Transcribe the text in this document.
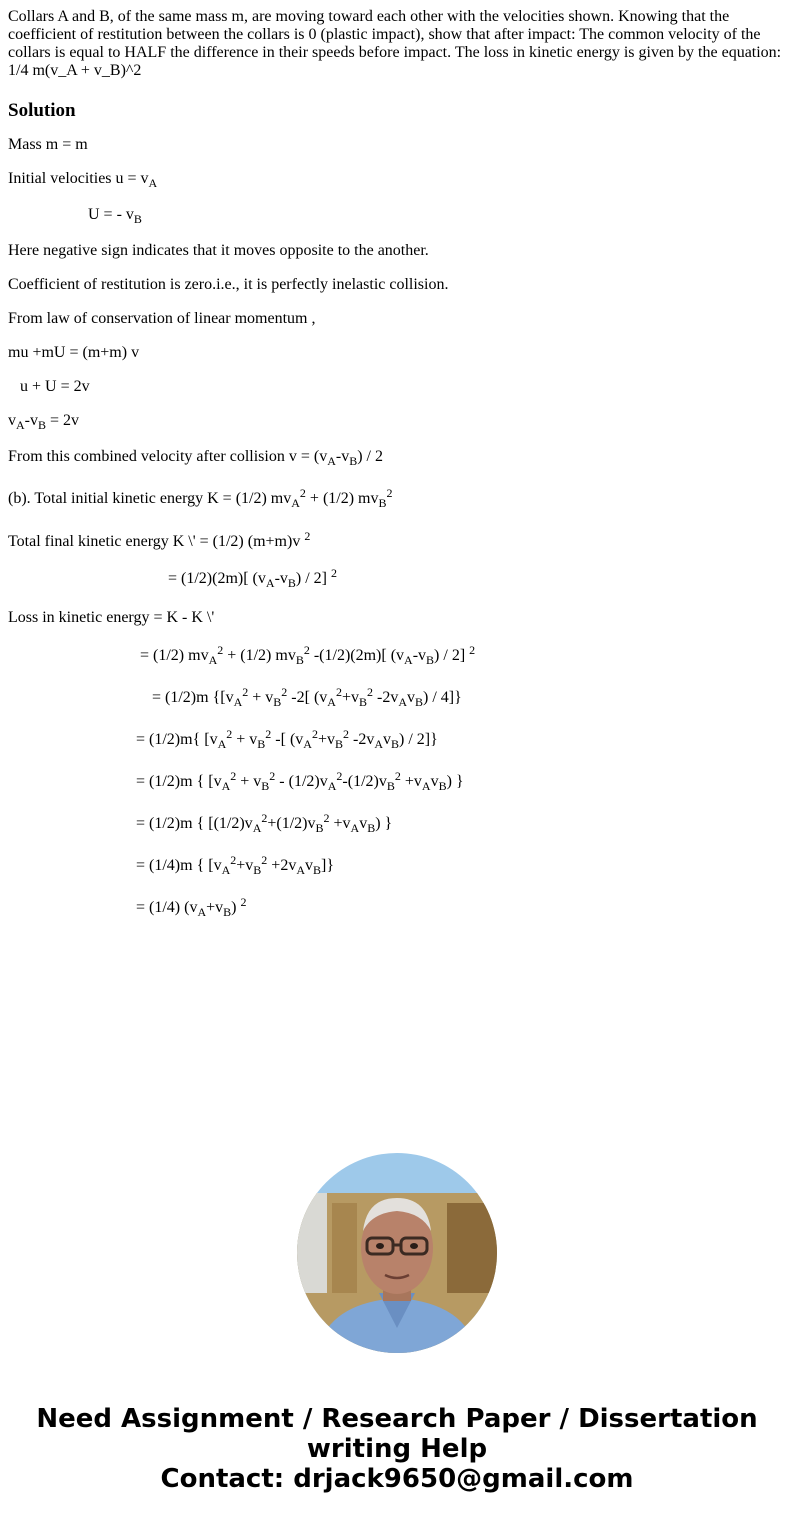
Collars A and B, of the same mass m, are moving toward each other with the velocities shown. Knowing that the coefficient of restitution between the collars is 0 (plastic impact), show that after impact: The common velocity of the collars is equal to HALF the difference in their speeds before impact. The loss in kinetic energy is given by the equation: 1/4 m(v_A + v_B)^2

Solution

Mass m = m

Initial velocities $u = v_A$

U = - $v_B$

Here negative sign indicates that it moves opposite to the another.

Coefficient of restitution is zero.i.e., it is perfectly inelastic collision.

From law of conservation of linear momentum ,

mu +mU = (m+m) v

u + U = 2v

$v_A-v_B = 2v$

From this combined velocity after collision $v = (v_A-v_B) / 2$

(b). Total initial kinetic energy K = (1/2) $mv_A^2 + (1/2)$ $mv_B^2$

Total final kinetic energy K \' = (1/2) (m+m)v $^2$

= (1/2)(2m)[ $(v_A-v_B) / 2$] $^2$

Loss in kinetic energy = K - K \'

= (1/2) $mv_A^2 + (1/2)$ $mv_B^2$ -(1/2)(2m)[ $(v_A-v_B) / 2$] $^2$

= (1/2)m {[$v_A^2 + v_B^2$ -2[ ($v_A^2+v_B^2$ $-2v_Av_B) / 4$]}

= (1/2)m{ [$v_A^2 + v_B^2$ -[ ($v_A^2+v_B^2$ $-2v_Av_B) / 2$]}

= (1/2)m { $[v_A^2 + v_B^2 - (1/2)v_A^2-(1/2)v_B^2 +v_Av_B)$ }

= (1/2)m { $[(1/2)v_A^2+(1/2)v_B^2 +v_Av_B)$ }

= (1/4)m { $[v_A^2+v_B^2 +2v_Av_B]$}

= (1/4) $(v_A+v_B)$ $^2$

Need Assignment / Research Paper / Dissertation
writing Help
Contact: drjack9650@gmail.com
